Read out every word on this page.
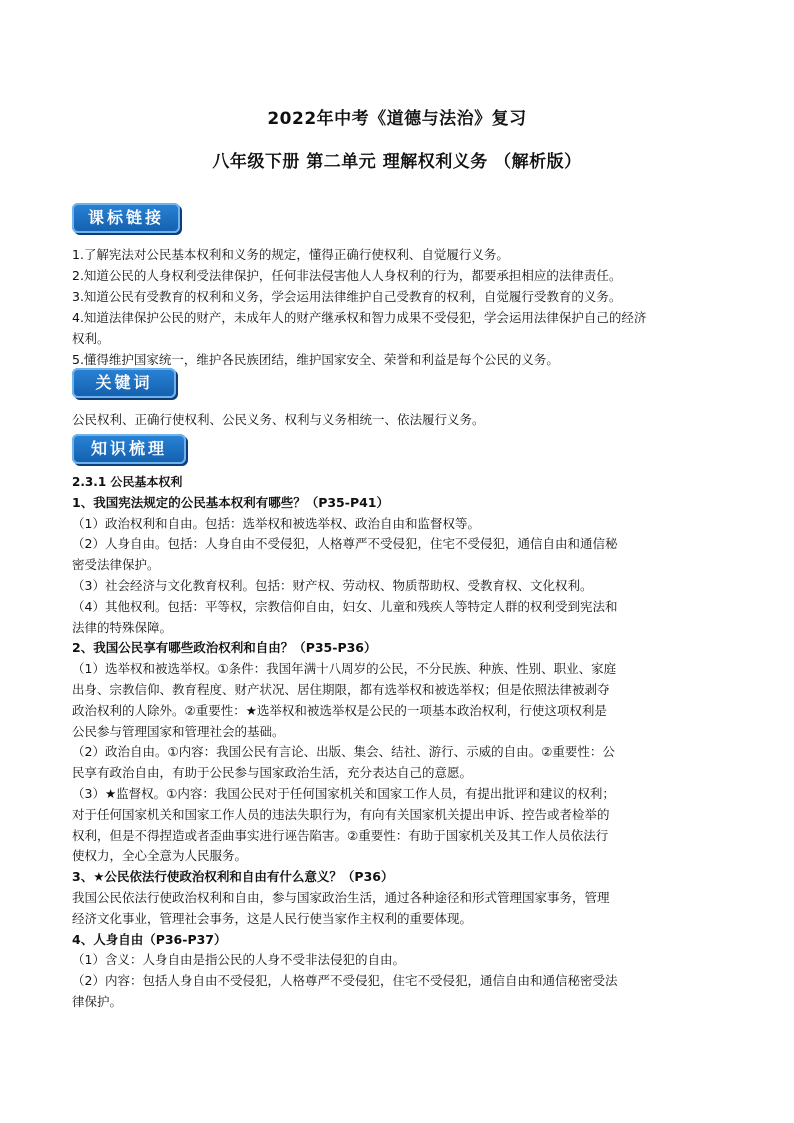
2022年中考《道德与法治》复习
八年级下册 第二单元 理解权利义务 （解析版）
课标链接

1.了解宪法对公民基本权利和义务的规定，懂得正确行使权利、自觉履行义务。

2.知道公民的人身权利受法律保护，任何非法侵害他人人身权利的行为，都要承担相应的法律责任。

3.知道公民有受教育的权利和义务，学会运用法律维护自己受教育的权利，自觉履行受教育的义务。

4.知道法律保护公民的财产，未成年人的财产继承权和智力成果不受侵犯，学会运用法律保护自己的经济

权利。

5.懂得维护国家统一，维护各民族团结，维护国家安全、荣誉和利益是每个公民的义务。

关键词

公民权利、正确行使权利、公民义务、权利与义务相统一、依法履行义务。

知识梳理

2.3.1 公民基本权利

1、我国宪法规定的公民基本权利有哪些？（P35-P41）

（1）政治权利和自由。包括：选举权和被选举权、政治自由和监督权等。

（2）人身自由。包括：人身自由不受侵犯，人格尊严不受侵犯，住宅不受侵犯，通信自由和通信秘

密受法律保护。

（3）社会经济与文化教育权利。包括：财产权、劳动权、物质帮助权、受教育权、文化权利。

（4）其他权利。包括：平等权，宗教信仰自由，妇女、儿童和残疾人等特定人群的权利受到宪法和

法律的特殊保障。

2、我国公民享有哪些政治权利和自由？（P35-P36）

（1）选举权和被选举权。①条件：我国年满十八周岁的公民，不分民族、种族、性别、职业、家庭

出身、宗教信仰、教育程度、财产状况、居住期限，都有选举权和被选举权；但是依照法律被剥夺

政治权利的人除外。②重要性：★选举权和被选举权是公民的一项基本政治权利，行使这项权利是

公民参与管理国家和管理社会的基础。

（2）政治自由。①内容：我国公民有言论、出版、集会、结社、游行、示威的自由。②重要性：公

民享有政治自由，有助于公民参与国家政治生活，充分表达自己的意愿。

（3）★监督权。①内容：我国公民对于任何国家机关和国家工作人员，有提出批评和建议的权利；

对于任何国家机关和国家工作人员的违法失职行为，有向有关国家机关提出申诉、控告或者检举的

权利，但是不得捏造或者歪曲事实进行诬告陷害。②重要性：有助于国家机关及其工作人员依法行

使权力，全心全意为人民服务。

3、★公民依法行使政治权利和自由有什么意义？（P36）

我国公民依法行使政治权利和自由，参与国家政治生活，通过各种途径和形式管理国家事务，管理

经济文化事业，管理社会事务，这是人民行使当家作主权利的重要体现。

4、人身自由（P36-P37）

（1）含义：人身自由是指公民的人身不受非法侵犯的自由。

（2）内容：包括人身自由不受侵犯，人格尊严不受侵犯，住宅不受侵犯，通信自由和通信秘密受法

律保护。
